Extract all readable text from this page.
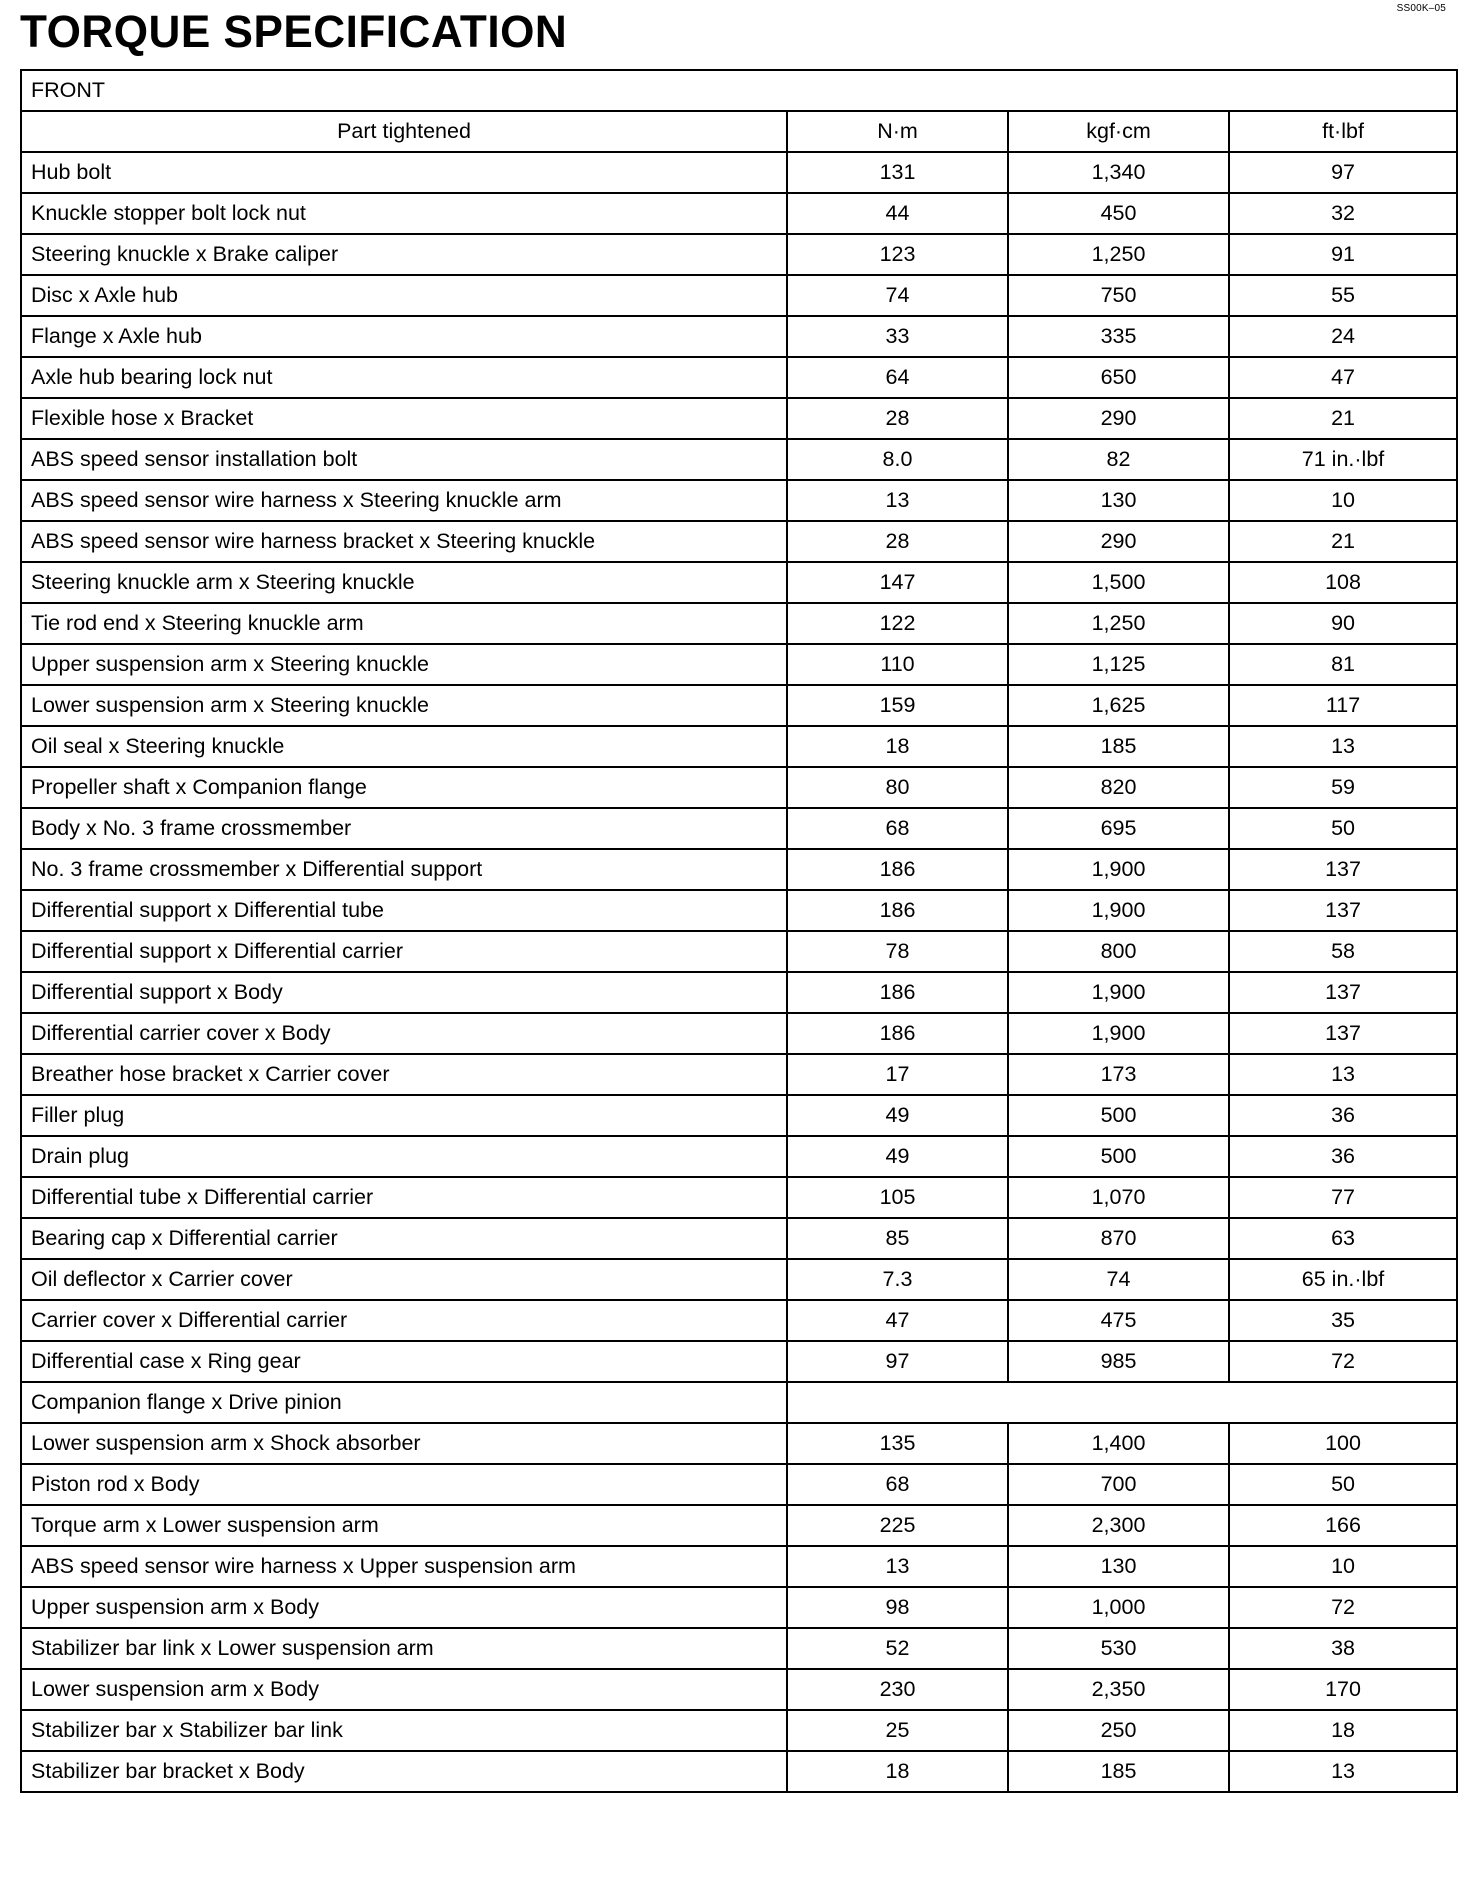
SS00K–05
TORQUE SPECIFICATION
FRONT			
Part tightened	N·m	kgf·cm	ft·lbf
Hub bolt	131	1,340	97
Knuckle stopper bolt lock nut	44	450	32
Steering knuckle x Brake caliper	123	1,250	91
Disc x Axle hub	74	750	55
Flange x Axle hub	33	335	24
Axle hub bearing lock nut	64	650	47
Flexible hose x Bracket	28	290	21
ABS speed sensor installation bolt	8.0	82	71 in.·lbf
ABS speed sensor wire harness x Steering knuckle arm	13	130	10
ABS speed sensor wire harness bracket x Steering knuckle	28	290	21
Steering knuckle arm x Steering knuckle	147	1,500	108
Tie rod end x Steering knuckle arm	122	1,250	90
Upper suspension arm x Steering knuckle	110	1,125	81
Lower suspension arm x Steering knuckle	159	1,625	117
Oil seal x Steering knuckle	18	185	13
Propeller shaft x Companion flange	80	820	59
Body x No. 3 frame crossmember	68	695	50
No. 3 frame crossmember x Differential support	186	1,900	137
Differential support x Differential tube	186	1,900	137
Differential support x Differential carrier	78	800	58
Differential support x Body	186	1,900	137
Differential carrier cover x Body	186	1,900	137
Breather hose bracket x Carrier cover	17	173	13
Filler plug	49	500	36
Drain plug	49	500	36
Differential tube x Differential carrier	105	1,070	77
Bearing cap x Differential carrier	85	870	63
Oil deflector x Carrier cover	7.3	74	65 in.·lbf
Carrier cover x Differential carrier	47	475	35
Differential case x Ring gear	97	985	72
Companion flange x Drive pinion			
Lower suspension arm x Shock absorber	135	1,400	100
Piston rod x Body	68	700	50
Torque arm x Lower suspension arm	225	2,300	166
ABS speed sensor wire harness x Upper suspension arm	13	130	10
Upper suspension arm x Body	98	1,000	72
Stabilizer bar link x Lower suspension arm	52	530	38
Lower suspension arm x Body	230	2,350	170
Stabilizer bar x Stabilizer bar link	25	250	18
Stabilizer bar bracket x Body	18	185	13
